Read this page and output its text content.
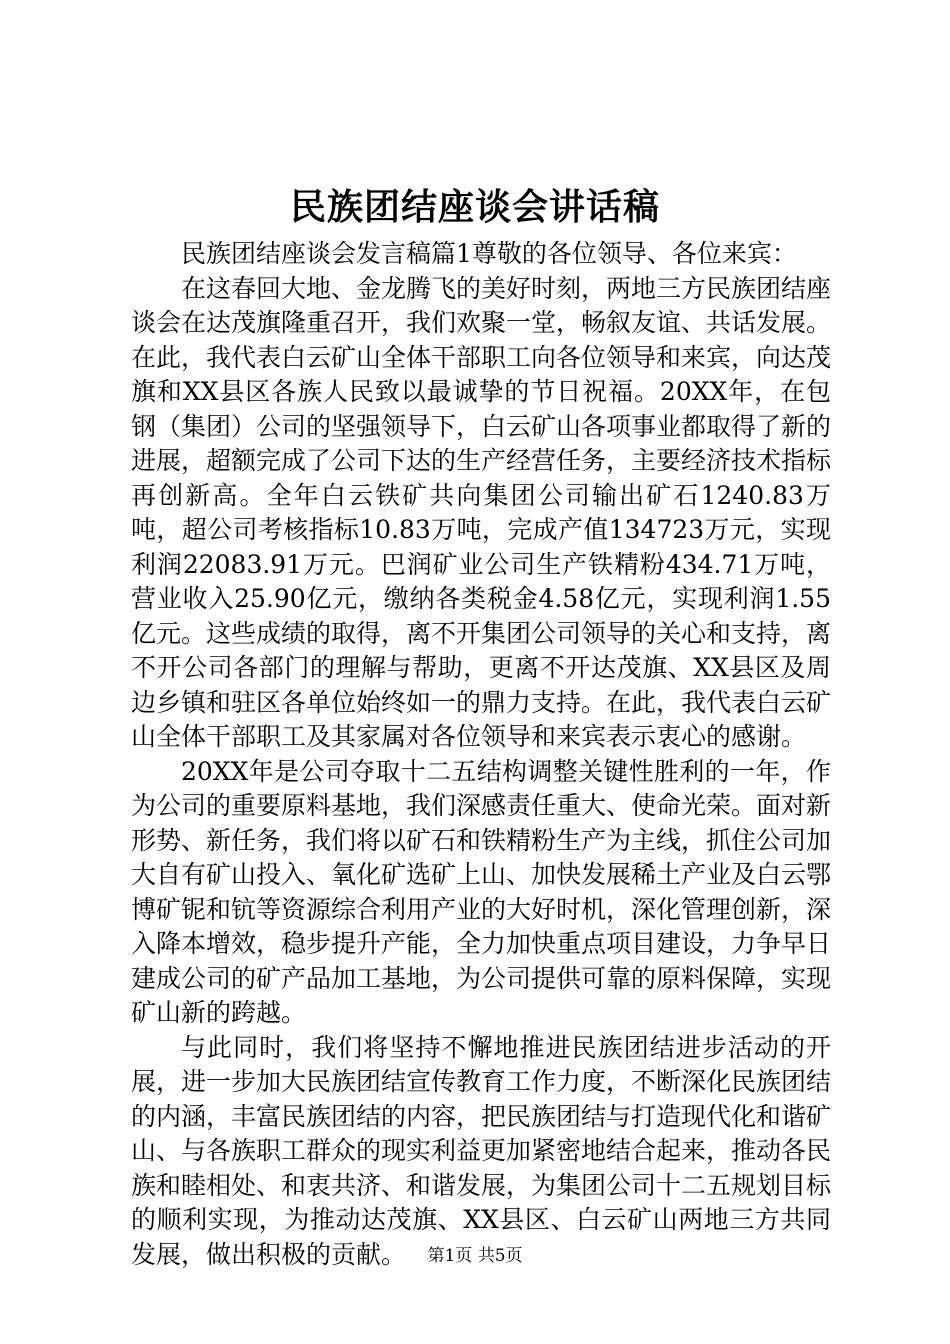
民族团结座谈会讲话稿

民族团结座谈会发言稿篇1尊敬的各位领导、各位来宾：

在这春回大地、金龙腾飞的美好时刻，两地三方民族团结座谈会在达茂旗隆重召开，我们欢聚一堂，畅叙友谊、共话发展。在此，我代表白云矿山全体干部职工向各位领导和来宾，向达茂旗和XX县区各族人民致以最诚挚的节日祝福。20XX年，在包钢（集团）公司的坚强领导下，白云矿山各项事业都取得了新的进展，超额完成了公司下达的生产经营任务，主要经济技术指标再创新高。全年白云铁矿共向集团公司输出矿石1240.83万吨，超公司考核指标10.83万吨，完成产值134723万元，实现利润22083.91万元。巴润矿业公司生产铁精粉434.71万吨，营业收入25.90亿元，缴纳各类税金4.58亿元，实现利润1.55亿元。这些成绩的取得，离不开集团公司领导的关心和支持，离不开公司各部门的理解与帮助，更离不开达茂旗、XX县区及周边乡镇和驻区各单位始终如一的鼎力支持。在此，我代表白云矿山全体干部职工及其家属对各位领导和来宾表示衷心的感谢。

20XX年是公司夺取十二五结构调整关键性胜利的一年，作为公司的重要原料基地，我们深感责任重大、使命光荣。面对新形势、新任务，我们将以矿石和铁精粉生产为主线，抓住公司加大自有矿山投入、氧化矿选矿上山、加快发展稀土产业及白云鄂博矿铌和钪等资源综合利用产业的大好时机，深化管理创新，深入降本增效，稳步提升产能，全力加快重点项目建设，力争早日建成公司的矿产品加工基地，为公司提供可靠的原料保障，实现矿山新的跨越。

与此同时，我们将坚持不懈地推进民族团结进步活动的开展，进一步加大民族团结宣传教育工作力度，不断深化民族团结的内涵，丰富民族团结的内容，把民族团结与打造现代化和谐矿山、与各族职工群众的现实利益更加紧密地结合起来，推动各民族和睦相处、和衷共济、和谐发展，为集团公司十二五规划目标的顺利实现，为推动达茂旗、XX县区、白云矿山两地三方共同发展，做出积极的贡献。	第1页 共5页
